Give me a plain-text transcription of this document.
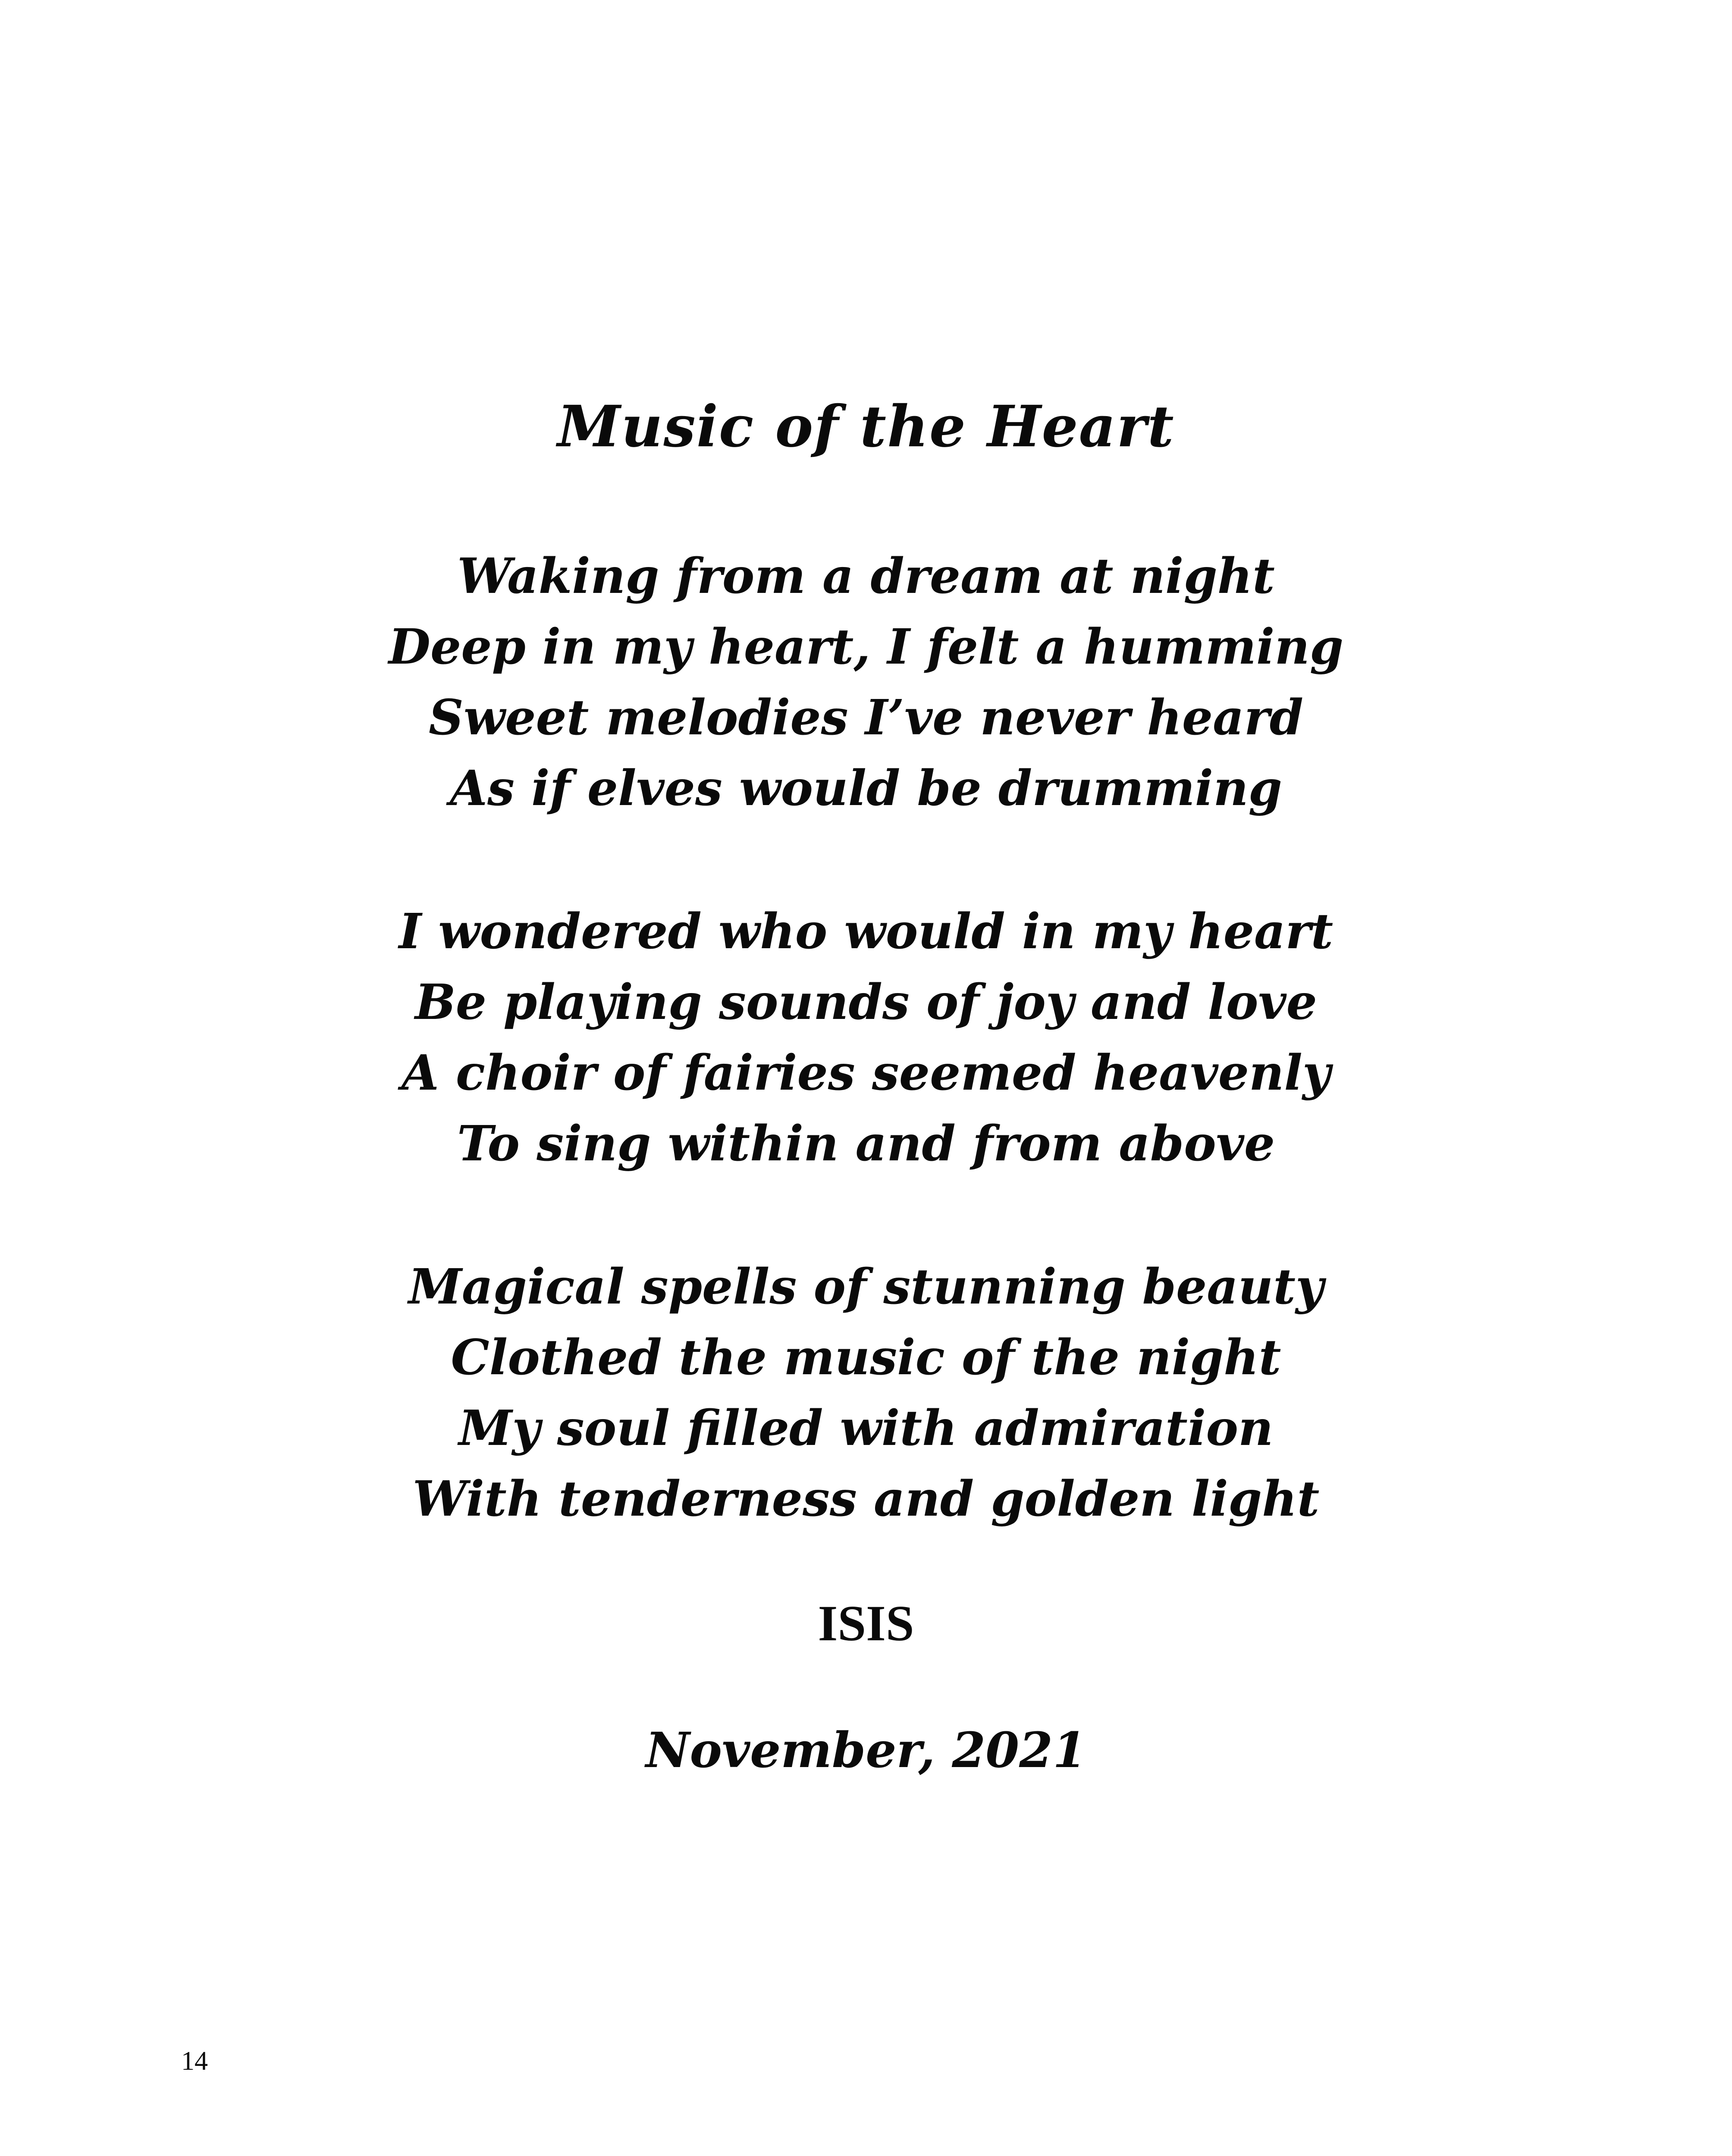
Music of the Heart
Waking from a dream at night
Deep in my heart, I felt a humming
Sweet melodies I’ve never heard
As if elves would be drumming
I wondered who would in my heart
Be playing sounds of joy and love
A choir of fairies seemed heavenly
To sing within and from above
Magical spells of stunning beauty
Clothed the music of the night
My soul filled with admiration
With tenderness and golden light
ISIS
November, 2021
14
